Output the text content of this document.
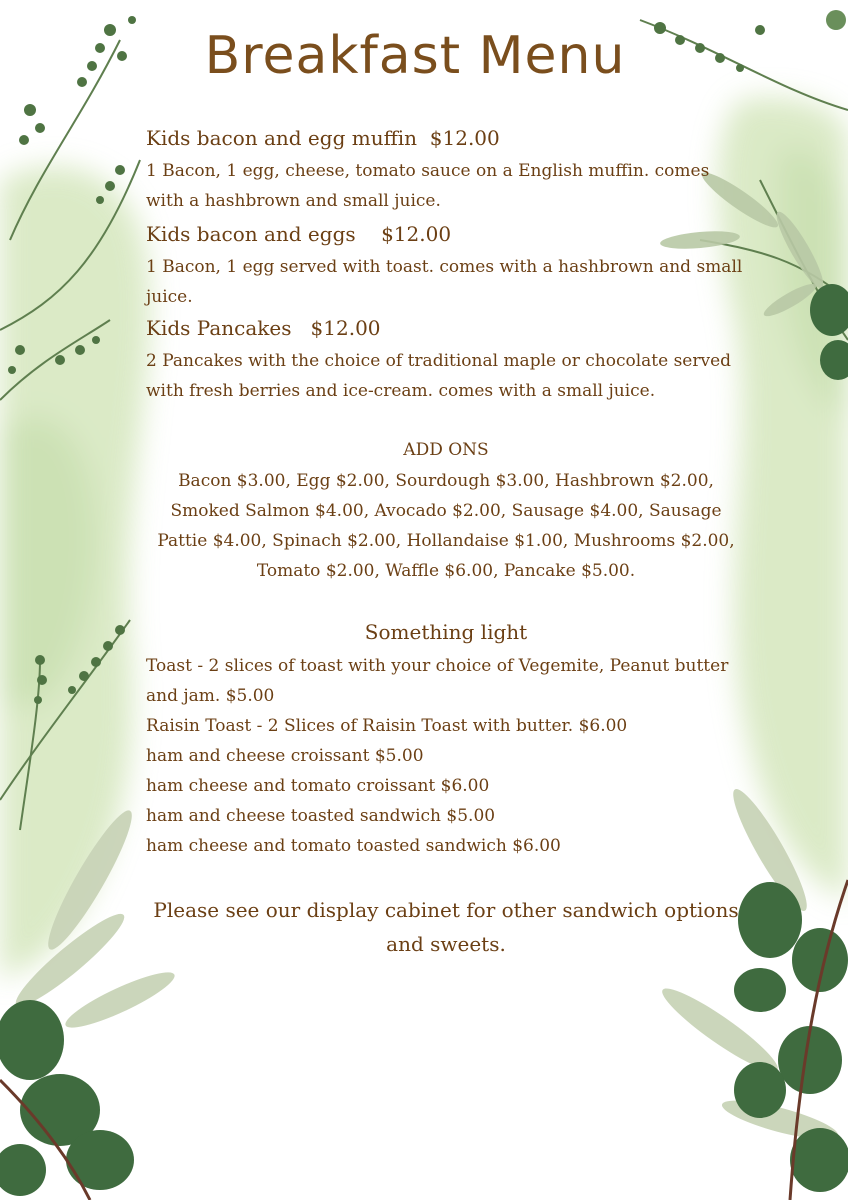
Breakfast Menu
Kids bacon and egg muffin  $12.00
1 Bacon, 1 egg, cheese, tomato sauce on a English muffin. comes with a hashbrown and small juice.
Kids bacon and eggs    $12.00
1 Bacon, 1 egg served with toast. comes with a hashbrown and small juice.
Kids Pancakes   $12.00
2 Pancakes with the choice of traditional maple or chocolate served with fresh berries and ice-cream. comes with a small juice.
ADD ONS
Bacon $3.00, Egg $2.00, Sourdough $3.00, Hashbrown $2.00, Smoked Salmon $4.00, Avocado $2.00, Sausage $4.00, Sausage Pattie $4.00, Spinach $2.00, Hollandaise $1.00, Mushrooms $2.00, Tomato $2.00, Waffle $6.00, Pancake $5.00.
Something light
Toast - 2 slices of toast with your choice of Vegemite, Peanut butter and jam. $5.00
Raisin Toast - 2 Slices of Raisin Toast with butter. $6.00
ham and cheese croissant $5.00
ham cheese and tomato croissant $6.00
ham and cheese toasted sandwich $5.00
ham cheese and tomato toasted sandwich $6.00
Please see our display cabinet for other sandwich options and sweets.
